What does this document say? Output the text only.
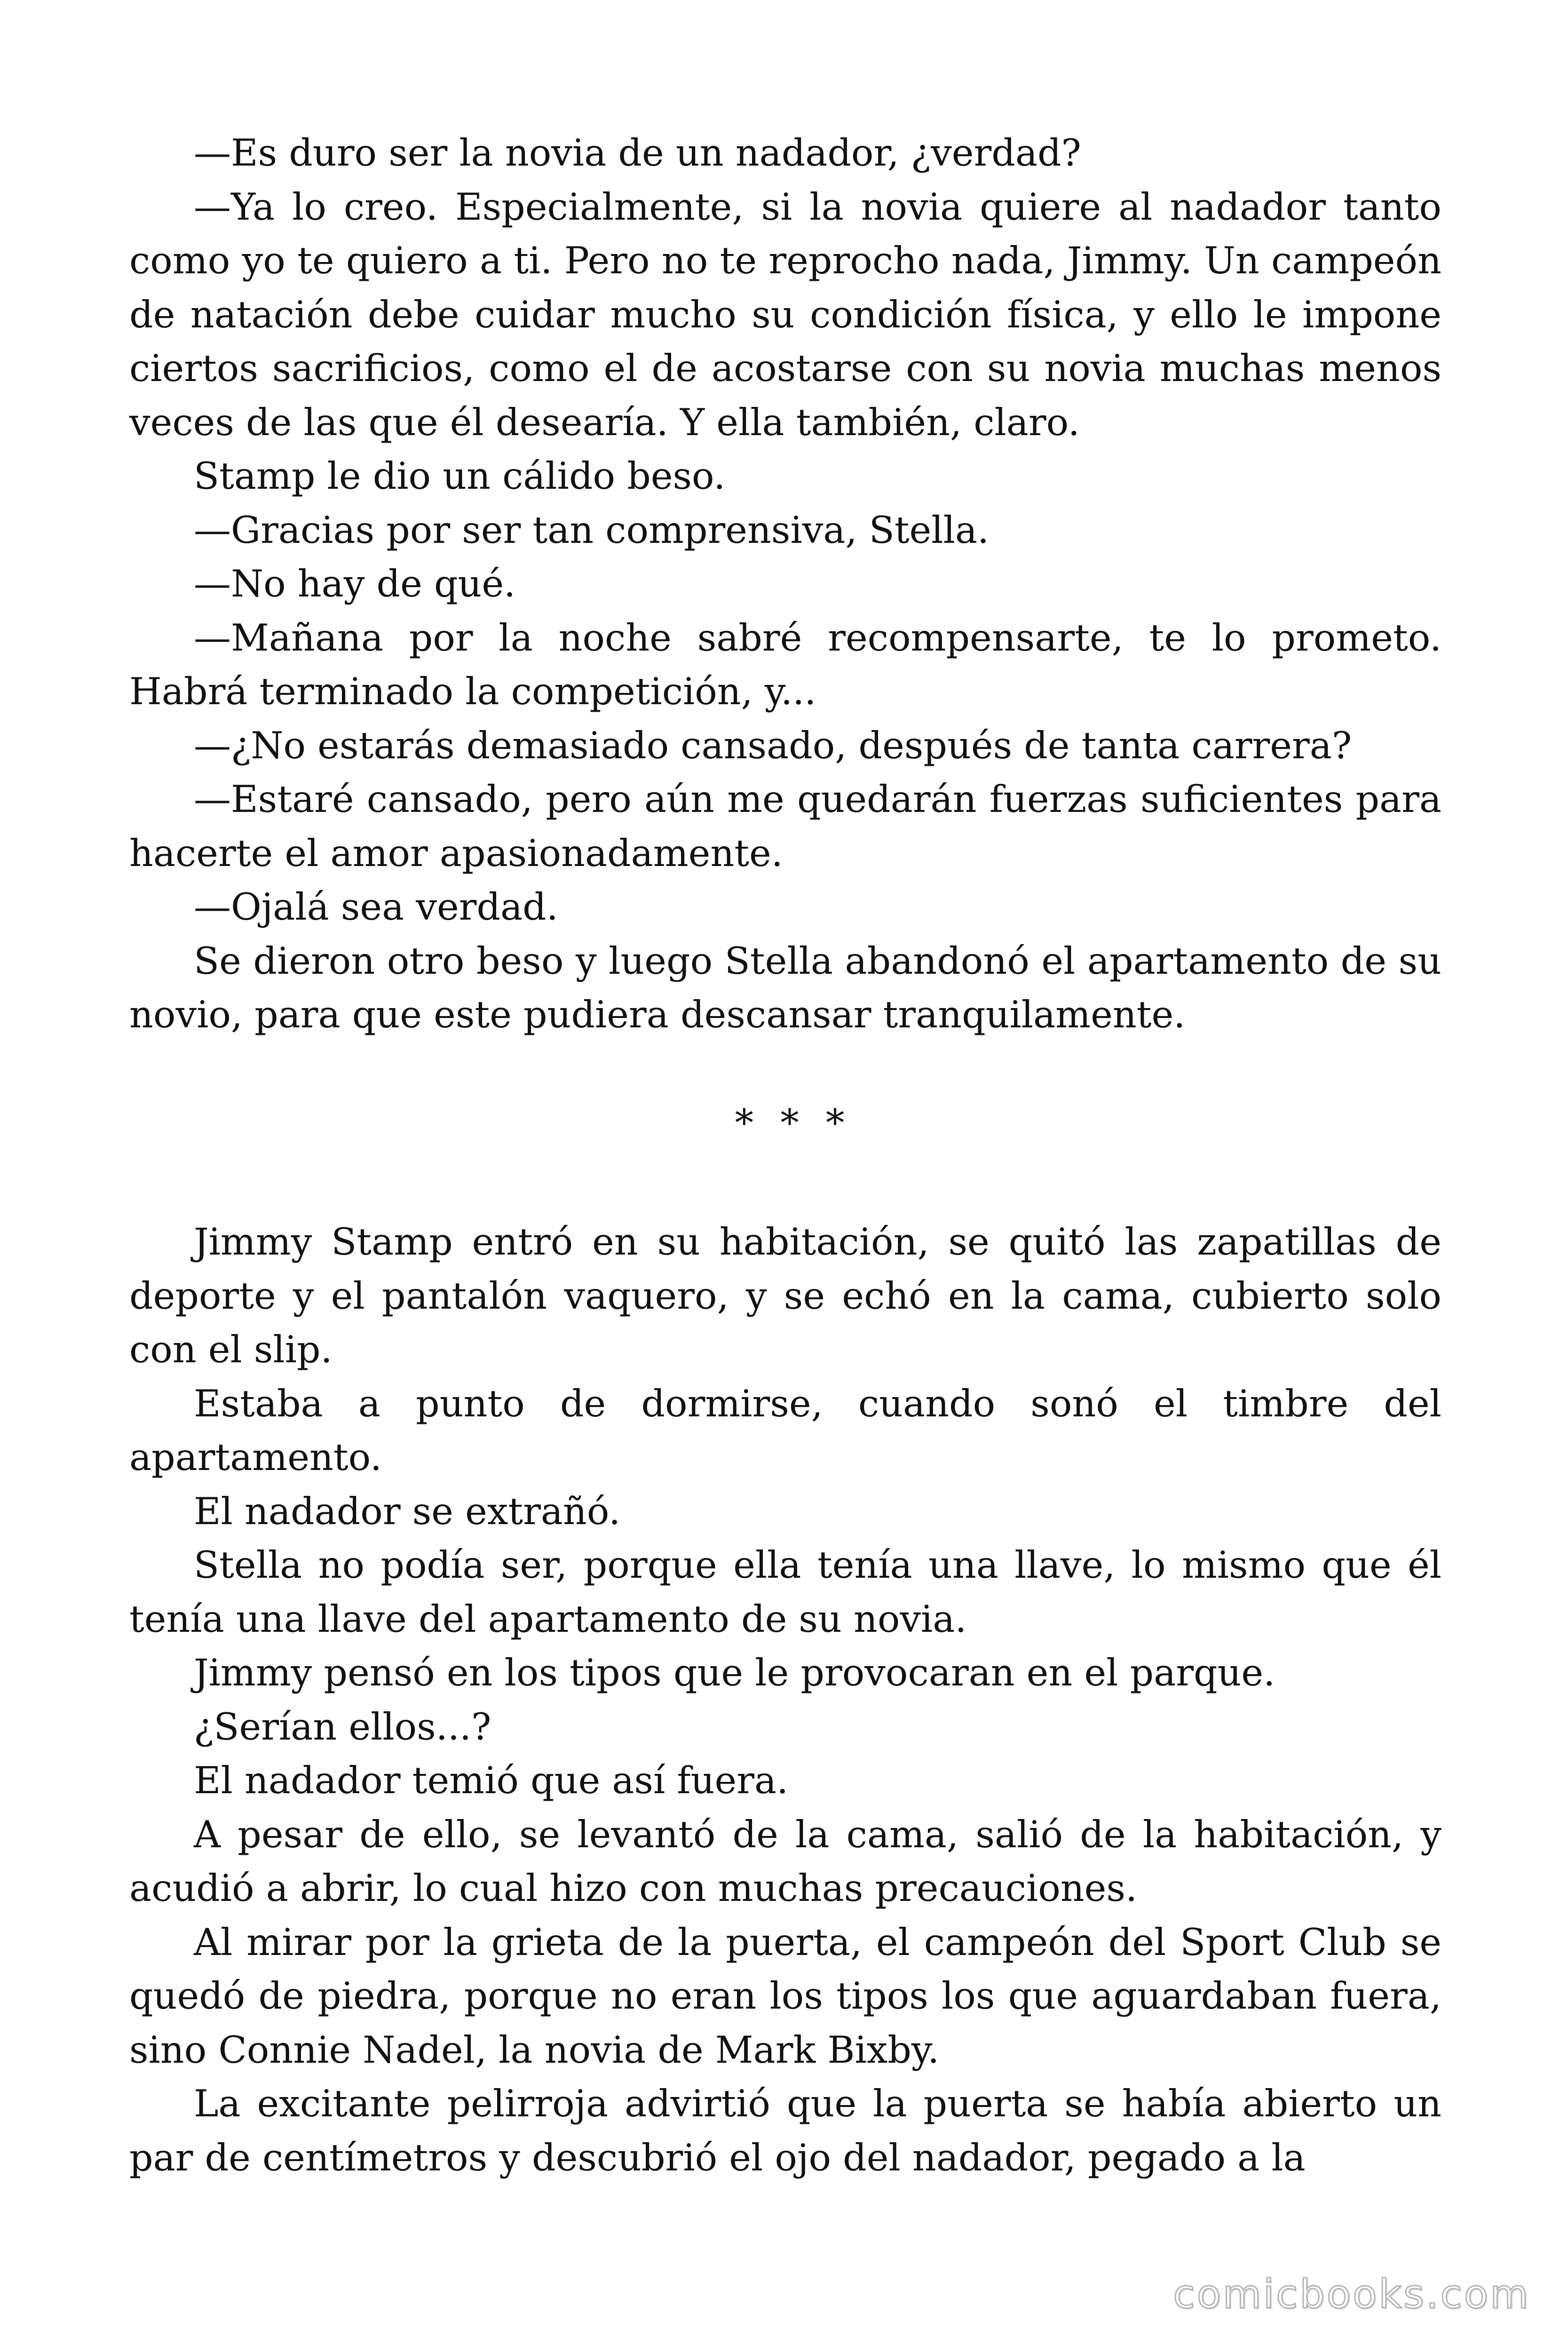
—Es duro ser la novia de un nadador, ¿verdad?

—Ya lo creo. Especialmente, si la novia quiere al nadador tanto como yo te quiero a ti. Pero no te reprocho nada, Jimmy. Un campeón de natación debe cuidar mucho su condición física, y ello le impone ciertos sacrificios, como el de acostarse con su novia muchas menos veces de las que él desearía. Y ella también, claro.

Stamp le dio un cálido beso.

—Gracias por ser tan comprensiva, Stella.

—No hay de qué.

—Mañana por la noche sabré recompensarte, te lo prometo. Habrá terminado la competición, y...

—¿No estarás demasiado cansado, después de tanta carrera?

—Estaré cansado, pero aún me quedarán fuerzas suficientes para hacerte el amor apasionadamente.

—Ojalá sea verdad.

Se dieron otro beso y luego Stella abandonó el apartamento de su novio, para que este pudiera descansar tranquilamente.

* * *

Jimmy Stamp entró en su habitación, se quitó las zapatillas de deporte y el pantalón vaquero, y se echó en la cama, cubierto solo con el slip.

Estaba a punto de dormirse, cuando sonó el timbre del apartamento.

El nadador se extrañó.

Stella no podía ser, porque ella tenía una llave, lo mismo que él tenía una llave del apartamento de su novia.

Jimmy pensó en los tipos que le provocaran en el parque.

¿Serían ellos...?

El nadador temió que así fuera.

A pesar de ello, se levantó de la cama, salió de la habitación, y acudió a abrir, lo cual hizo con muchas precauciones.

Al mirar por la grieta de la puerta, el campeón del Sport Club se quedó de piedra, porque no eran los tipos los que aguardaban fuera, sino Connie Nadel, la novia de Mark Bixby.

La excitante pelirroja advirtió que la puerta se había abierto un par de centímetros y descubrió el ojo del nadador, pegado a la

comicbooks.com
